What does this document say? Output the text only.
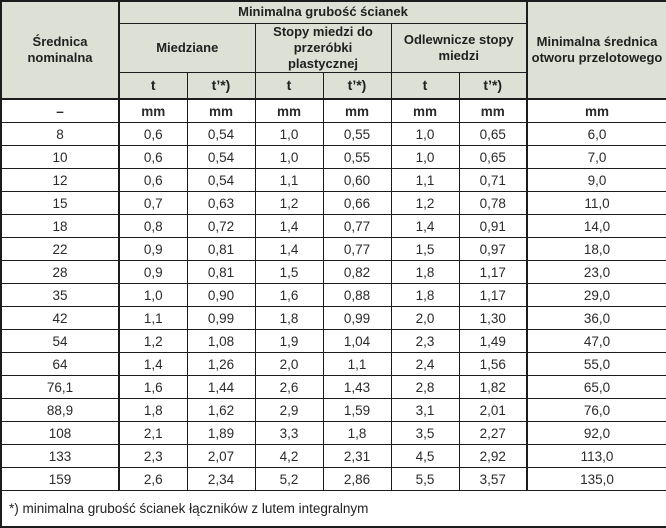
Średnica nominalna	Minimalna grubość ścianek						Minimalna średnica otworu przelotowego
	Miedziane		Stopy miedzi do przeróbki plastycznej		Odlewnicze stopy miedzi		
	t	t’*)	t	t’*)	t	t’*)	
–	mm	mm	mm	mm	mm	mm	mm
8	0,6	0,54	1,0	0,55	1,0	0,65	6,0
10	0,6	0,54	1,0	0,55	1,0	0,65	7,0
12	0,6	0,54	1,1	0,60	1,1	0,71	9,0
15	0,7	0,63	1,2	0,66	1,2	0,78	11,0
18	0,8	0,72	1,4	0,77	1,4	0,91	14,0
22	0,9	0,81	1,4	0,77	1,5	0,97	18,0
28	0,9	0,81	1,5	0,82	1,8	1,17	23,0
35	1,0	0,90	1,6	0,88	1,8	1,17	29,0
42	1,1	0,99	1,8	0,99	2,0	1,30	36,0
54	1,2	1,08	1,9	1,04	2,3	1,49	47,0
64	1,4	1,26	2,0	1,1	2,4	1,56	55,0
76,1	1,6	1,44	2,6	1,43	2,8	1,82	65,0
88,9	1,8	1,62	2,9	1,59	3,1	2,01	76,0
108	2,1	1,89	3,3	1,8	3,5	2,27	92,0
133	2,3	2,07	4,2	2,31	4,5	2,92	113,0
159	2,6	2,34	5,2	2,86	5,5	3,57	135,0
*) minimalna grubość ścianek łączników z lutem integralnym							
